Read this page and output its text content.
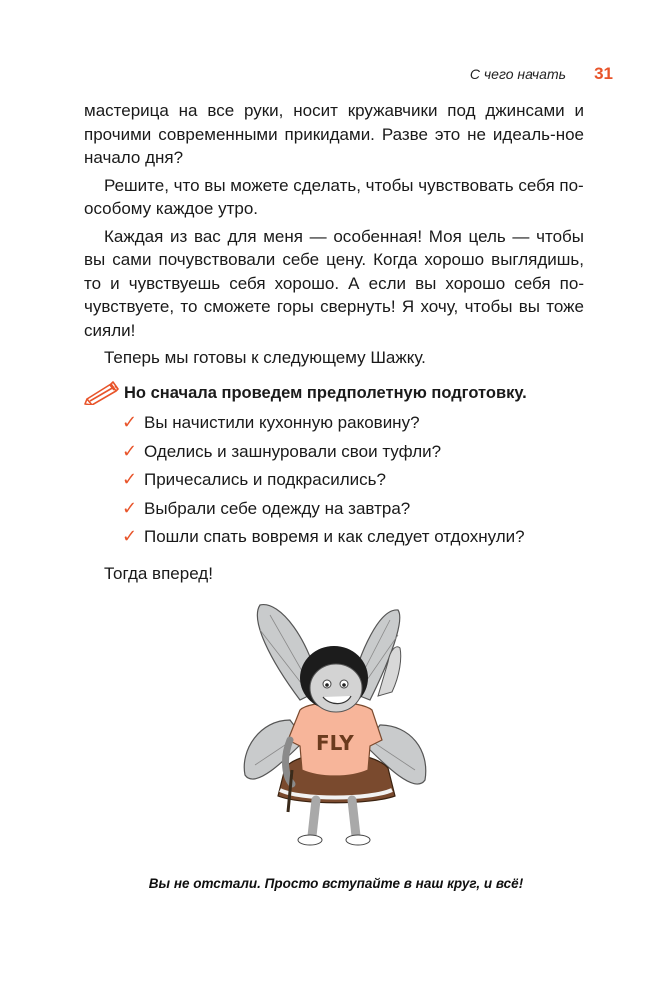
С чего начать 31

мастерица на все руки, носит кружавчики под джинсами и прочими современными прикидами. Разве это не идеаль-ное начало дня?

Решите, что вы можете сделать, чтобы чувствовать себя по-особому каждое утро.

Каждая из вас для меня — особенная! Моя цель — чтобы вы сами почувствовали себе цену. Когда хорошо выглядишь, то и чувствуешь себя хорошо. А если вы хорошо себя по-чувствуете, то сможете горы свернуть! Я хочу, чтобы вы тоже сияли!

Теперь мы готовы к следующему Шажку.

Но сначала проведем предполетную подготовку.
✓ Вы начистили кухонную раковину?
✓ Оделись и зашнуровали свои туфли?
✓ Причесались и подкрасились?
✓ Выбрали себе одежду на завтра?
✓ Пошли спать вовремя и как следует отдохнули?
Тогда вперед!
FLY
Вы не отстали. Просто вступайте в наш круг, и всё!
